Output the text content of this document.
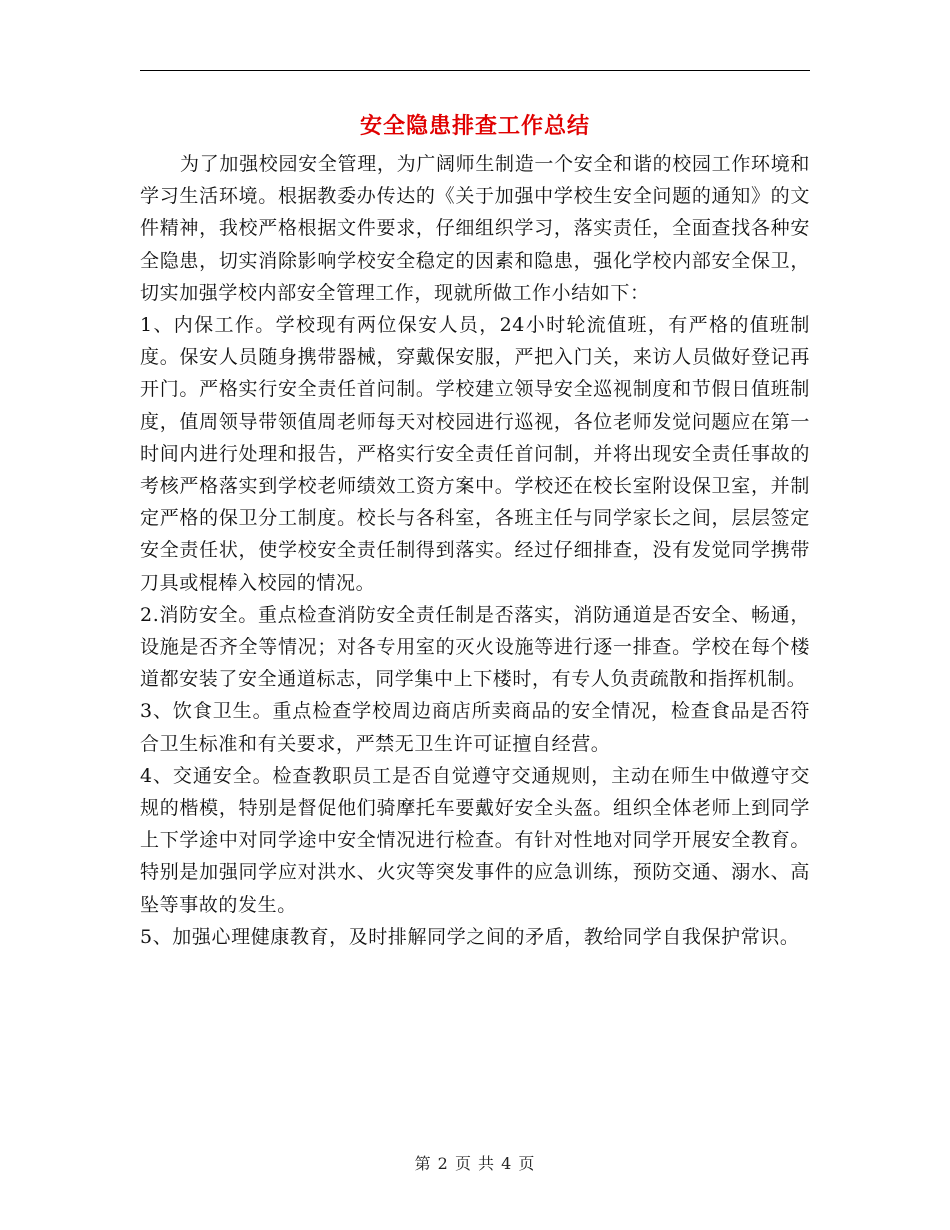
安全隐患排查工作总结

为了加强校园安全管理，为广阔师生制造一个安全和谐的校园工作环境和学习生活环境。根据教委办传达的《关于加强中学校生安全问题的通知》的文件精神，我校严格根据文件要求，仔细组织学习，落实责任，全面查找各种安全隐患，切实消除影响学校安全稳定的因素和隐患，强化学校内部安全保卫，切实加强学校内部安全管理工作，现就所做工作小结如下：

1、内保工作。学校现有两位保安人员，24小时轮流值班，有严格的值班制度。保安人员随身携带器械，穿戴保安服，严把入门关，来访人员做好登记再开门。严格实行安全责任首问制。学校建立领导安全巡视制度和节假日值班制度，值周领导带领值周老师每天对校园进行巡视，各位老师发觉问题应在第一时间内进行处理和报告，严格实行安全责任首问制，并将出现安全责任事故的考核严格落实到学校老师绩效工资方案中。学校还在校长室附设保卫室，并制定严格的保卫分工制度。校长与各科室，各班主任与同学家长之间，层层签定安全责任状，使学校安全责任制得到落实。经过仔细排查，没有发觉同学携带刀具或棍棒入校园的情况。

2.消防安全。重点检查消防安全责任制是否落实，消防通道是否安全、畅通，设施是否齐全等情况；对各专用室的灭火设施等进行逐一排查。学校在每个楼道都安装了安全通道标志，同学集中上下楼时，有专人负责疏散和指挥机制。

3、饮食卫生。重点检查学校周边商店所卖商品的安全情况，检查食品是否符合卫生标准和有关要求，严禁无卫生许可证擅自经营。

4、交通安全。检查教职员工是否自觉遵守交通规则，主动在师生中做遵守交规的楷模，特别是督促他们骑摩托车要戴好安全头盔。组织全体老师上到同学上下学途中对同学途中安全情况进行检查。有针对性地对同学开展安全教育。特别是加强同学应对洪水、火灾等突发事件的应急训练，预防交通、溺水、高坠等事故的发生。

5、加强心理健康教育，及时排解同学之间的矛盾，教给同学自我保护常识。

第 2 页 共 4 页
